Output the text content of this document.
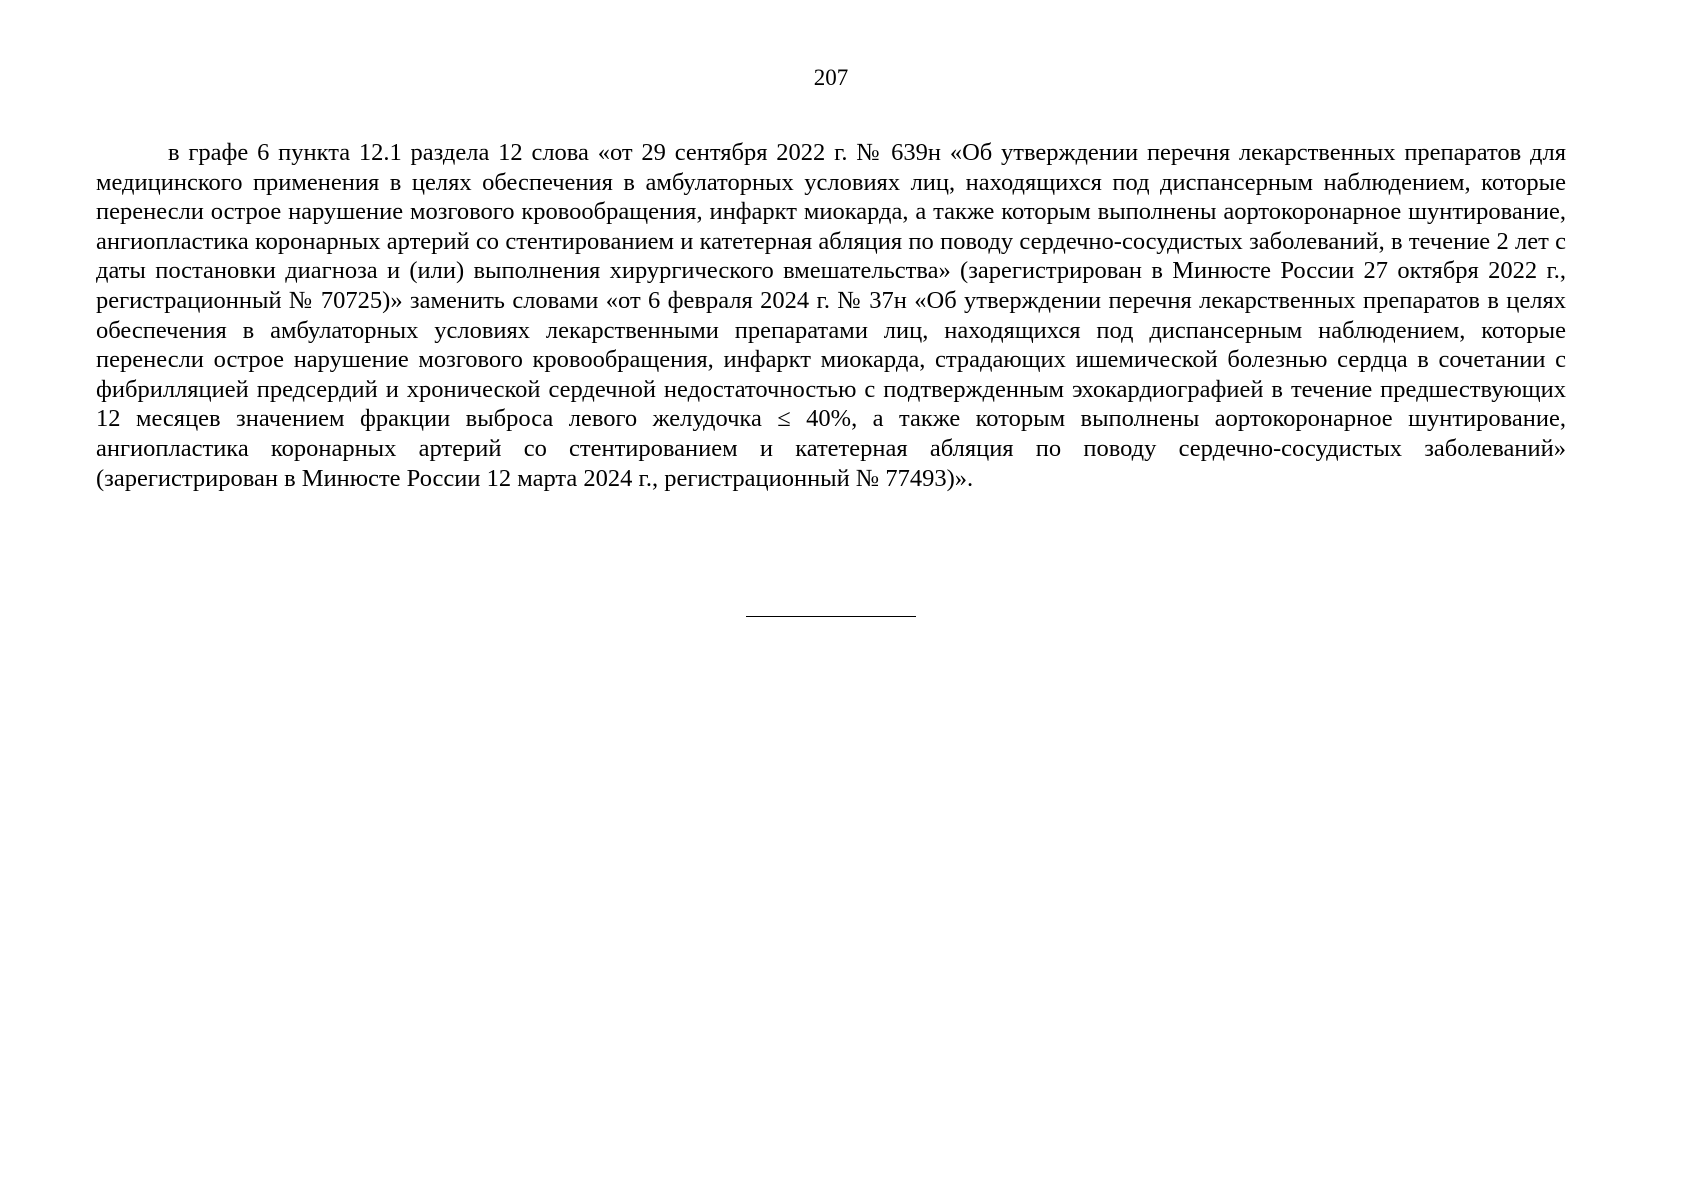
207

в графе 6 пункта 12.1 раздела 12 слова «от 29 сентября 2022 г. № 639н «Об утверждении перечня лекарственных препаратов для медицинского применения в целях обеспечения в амбулаторных условиях лиц, находящихся под диспансерным наблюдением, которые перенесли острое нарушение мозгового кровообращения, инфаркт миокарда, а также которым выполнены аортокоронарное шунтирование, ангиопластика коронарных артерий со стентированием и катетерная абляция по поводу сердечно-сосудистых заболеваний, в течение 2 лет с даты постановки диагноза и (или) выполнения хирургического вмешательства» (зарегистрирован в Минюсте России 27 октября 2022 г., регистрационный № 70725)» заменить словами «от 6 февраля 2024 г. № 37н «Об утверждении перечня лекарственных препаратов в целях обеспечения в амбулаторных условиях лекарственными препаратами лиц, находящихся под диспансерным наблюдением, которые перенесли острое нарушение мозгового кровообращения, инфаркт миокарда, страдающих ишемической болезнью сердца в сочетании с фибрилляцией предсердий и хронической сердечной недостаточностью с подтвержденным эхокардиографией в течение предшествующих 12 месяцев значением фракции выброса левого желудочка ≤ 40%, а также которым выполнены аортокоронарное шунтирование, ангиопластика коронарных артерий со стентированием и катетерная абляция по поводу сердечно-сосудистых заболеваний» (зарегистрирован в Минюсте России 12 марта 2024 г., регистрационный № 77493)».
